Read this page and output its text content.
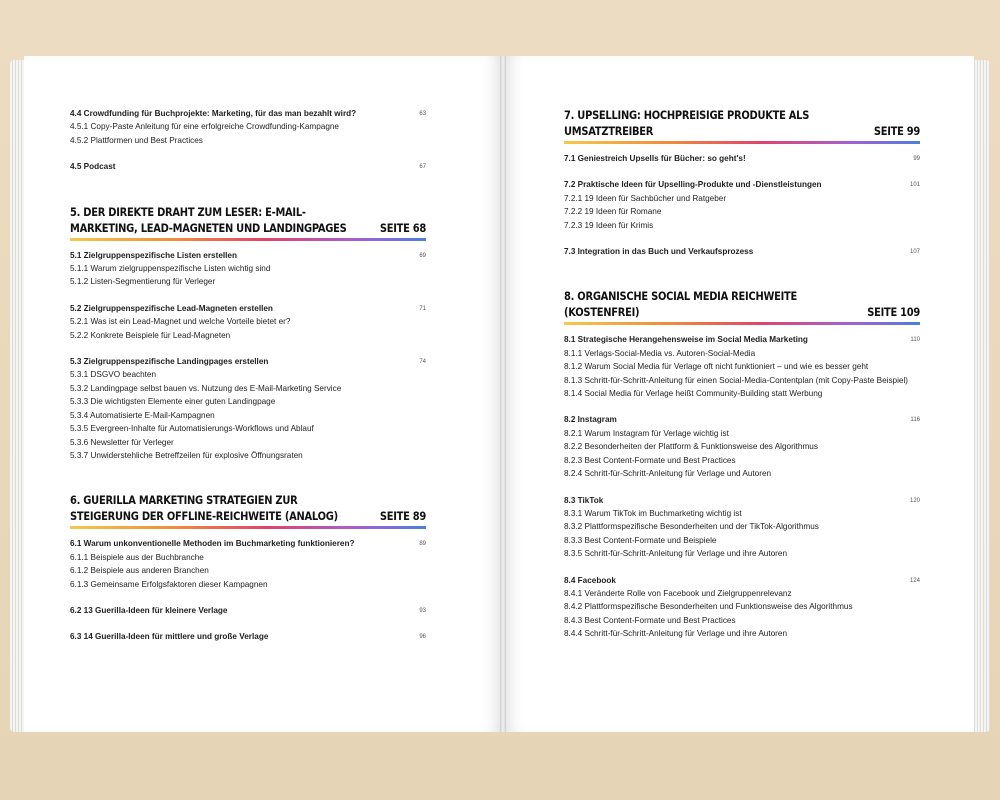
4.4 Crowdfunding für Buchprojekte: Marketing, für das man bezahlt wird?	63
4.5.1 Copy-Paste Anleitung für eine erfolgreiche Crowdfunding-Kampagne
4.5.2 Plattformen und Best Practices
4.5 Podcast	67
5. DER DIREKTE DRAHT ZUM LESER: E-MAIL-MARKETING, LEAD-MAGNETEN UND LANDINGPAGES	SEITE 68
5.1 Zielgruppenspezifische Listen erstellen	69
5.1.1 Warum zielgruppenspezifische Listen wichtig sind
5.1.2 Listen-Segmentierung für Verleger
5.2 Zielgruppenspezifische Lead-Magneten erstellen	71
5.2.1 Was ist ein Lead-Magnet und welche Vorteile bietet er?
5.2.2 Konkrete Beispiele für Lead-Magneten
5.3 Zielgruppenspezifische Landingpages erstellen	74
5.3.1 DSGVO beachten
5.3.2 Landingpage selbst bauen vs. Nutzung des E-Mail-Marketing Service
5.3.3 Die wichtigsten Elemente einer guten Landingpage
5.3.4 Automatisierte E-Mail-Kampagnen
5.3.5 Evergreen-Inhalte für Automatisierungs-Workflows und Ablauf
5.3.6 Newsletter für Verleger
5.3.7 Unwiderstehliche Betreffzeilen für explosive Öffnungsraten
6. GUERILLA MARKETING STRATEGIEN ZUR STEIGERUNG DER OFFLINE-REICHWEITE (ANALOG)	SEITE 89
6.1 Warum unkonventionelle Methoden im Buchmarketing funktionieren?	89
6.1.1 Beispiele aus der Buchbranche
6.1.2 Beispiele aus anderen Branchen
6.1.3 Gemeinsame Erfolgsfaktoren dieser Kampagnen
6.2 13 Guerilla-Ideen für kleinere Verlage	93
6.3 14 Guerilla-Ideen für mittlere und große Verlage	96
7. UPSELLING: HOCHPREISIGE PRODUKTE ALS UMSATZTREIBER	SEITE 99
7.1 Geniestreich Upsells für Bücher: so geht's!	99
7.2 Praktische Ideen für Upselling-Produkte und -Dienstleistungen	101
7.2.1 19 Ideen für Sachbücher und Ratgeber
7.2.2 19 Ideen für Romane
7.2.3 19 Ideen für Krimis
7.3 Integration in das Buch und Verkaufsprozess	107
8. ORGANISCHE SOCIAL MEDIA REICHWEITE (KOSTENFREI)	SEITE 109
8.1 Strategische Herangehensweise im Social Media Marketing	110
8.1.1 Verlags-Social-Media vs. Autoren-Social-Media
8.1.2 Warum Social Media für Verlage oft nicht funktioniert – und wie es besser geht
8.1.3 Schritt-für-Schritt-Anleitung für einen Social-Media-Contentplan (mit Copy-Paste Beispiel)
8.1.4 Social Media für Verlage heißt Community-Building statt Werbung
8.2 Instagram	116
8.2.1 Warum Instagram für Verlage wichtig ist
8.2.2 Besonderheiten der Plattform & Funktionsweise des Algorithmus
8.2.3 Best Content-Formate und Best Practices
8.2.4 Schritt-für-Schritt-Anleitung für Verlage und Autoren
8.3 TikTok	120
8.3.1 Warum TikTok im Buchmarketing wichtig ist
8.3.2 Plattformspezifische Besonderheiten und der TikTok-Algorithmus
8.3.3 Best Content-Formate und Beispiele
8.3.5 Schritt-für-Schritt-Anleitung für Verlage und ihre Autoren
8.4 Facebook	124
8.4.1 Veränderte Rolle von Facebook und Zielgruppenrelevanz
8.4.2 Plattformspezifische Besonderheiten und Funktionsweise des Algorithmus
8.4.3 Best Content-Formate und Best Practices
8.4.4 Schritt-für-Schritt-Anleitung für Verlage und ihre Autoren
